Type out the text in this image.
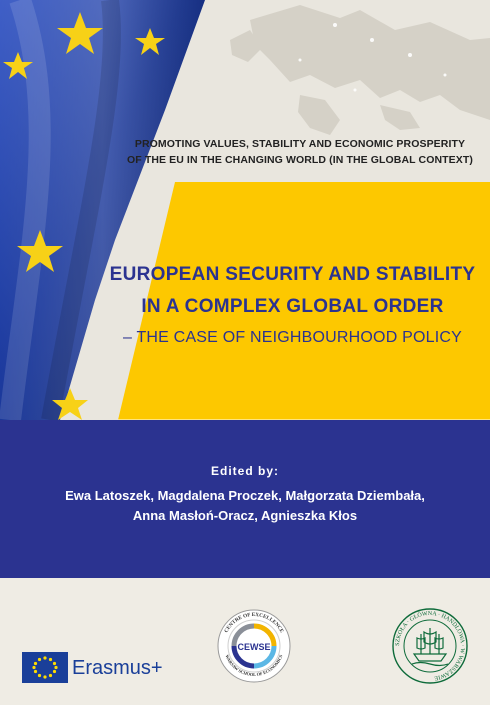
PROMOTING VALUES, STABILITY AND ECONOMIC PROSPERITY
OF THE EU IN THE CHANGING WORLD (IN THE GLOBAL CONTEXT)
EUROPEAN SECURITY AND STABILITY
IN A COMPLEX GLOBAL ORDER
– THE CASE OF NEIGHBOURHOOD POLICY
Edited by:
Ewa Latoszek, Magdalena Proczek, Małgorzata Dziembała,
Anna Masłoń-Oracz, Agnieszka Kłos
Erasmus+
CEWSE
CENTRE OF EXCELLENCE
WARSAW SCHOOL OF ECONOMICS
SZKOŁA · GŁÓWNA · HANDLOWA · W WARSZAWIE
